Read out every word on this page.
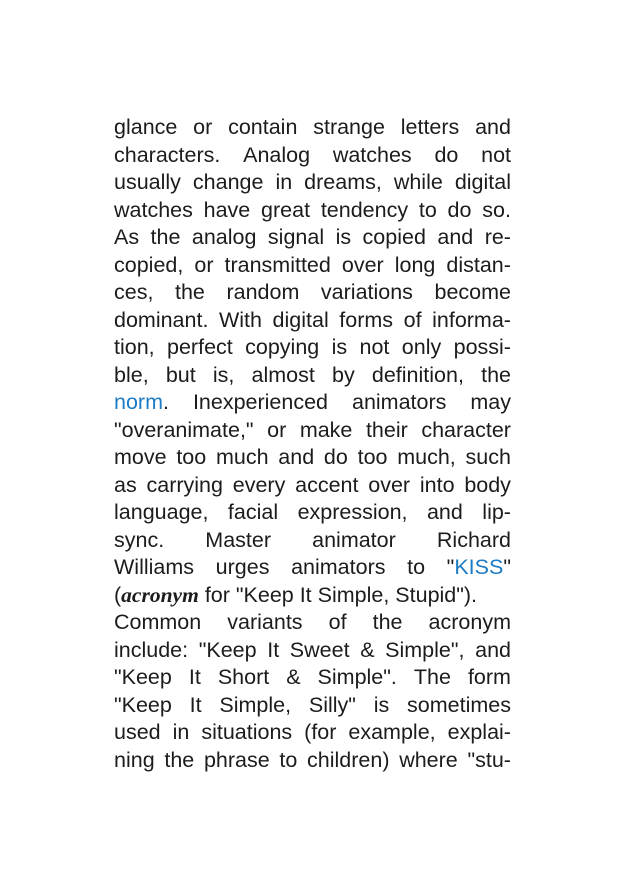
glance or contain strange letters and
characters. Analog watches do not
usually change in dreams, while digital
watches have great tendency to do so.
As the analog signal is copied and re-
copied, or transmitted over long distan-
ces, the random variations become
dominant. With digital forms of informa-
tion, perfect copying is not only possi-
ble, but is, almost by definition, the
norm. Inexperienced animators may
"overanimate," or make their character
move too much and do too much, such
as carrying every accent over into body
language, facial expression, and lip-
sync. Master animator Richard
Williams urges animators to "KISS"
(acronym for "Keep It Simple, Stupid").
Common variants of the acronym
include: "Keep It Sweet & Simple", and
"Keep It Short & Simple". The form
"Keep It Simple, Silly" is sometimes
used in situations (for example, explai-
ning the phrase to children) where "stu-
